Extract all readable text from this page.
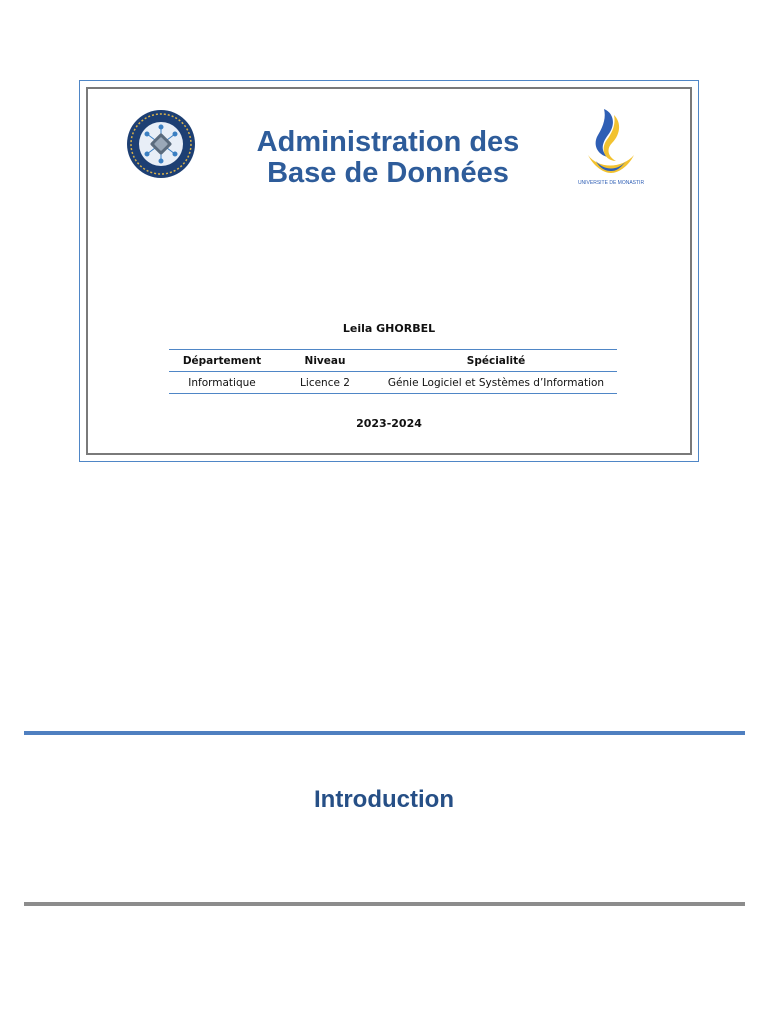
Administration des
Base de Données	UNIVERSITE DE MONASTIR
Leila GHORBEL
Département	Niveau	Spécialité
Informatique	Licence 2	Génie Logiciel et Systèmes d’Information
2023-2024
Introduction
